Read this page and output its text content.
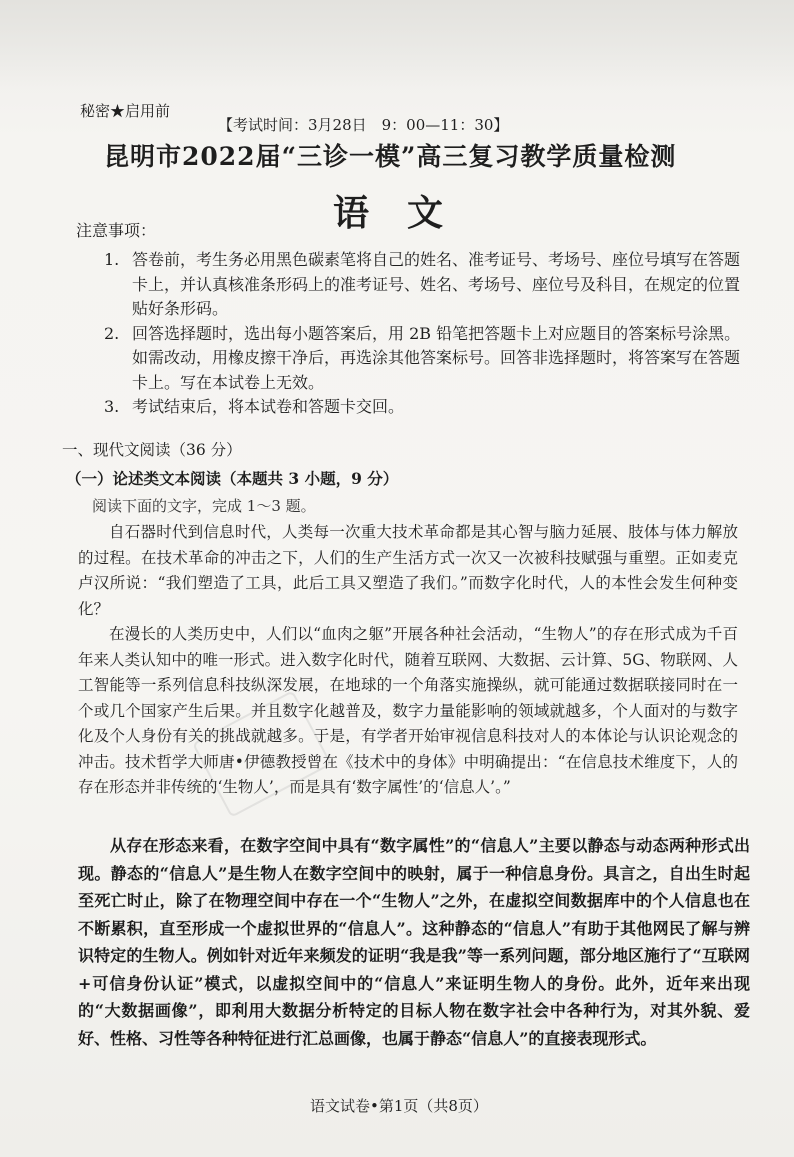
秘密★启用前
【考试时间：3月28日　9：00—11：30】
昆明市2022届“三诊一模”高三复习教学质量检测
语文
注意事项：

1. 答卷前，考生务必用黑色碳素笔将自己的姓名、准考证号、考场号、座位号填写在答题卡上，并认真核准条形码上的准考证号、姓名、考场号、座位号及科目，在规定的位置贴好条形码。

2. 回答选择题时，选出每小题答案后，用 2B 铅笔把答题卡上对应题目的答案标号涂黑。如需改动，用橡皮擦干净后，再选涂其他答案标号。回答非选择题时，将答案写在答题卡上。写在本试卷上无效。

3. 考试结束后，将本试卷和答题卡交回。

一、现代文阅读（36 分）
（一）论述类文本阅读（本题共 3 小题，9 分）
阅读下面的文字，完成 1～3 题。

自石器时代到信息时代，人类每一次重大技术革命都是其心智与脑力延展、肢体与体力解放的过程。在技术革命的冲击之下，人们的生产生活方式一次又一次被科技赋强与重塑。正如麦克卢汉所说：“我们塑造了工具，此后工具又塑造了我们。”而数字化时代，人的本性会发生何种变化？

在漫长的人类历史中，人们以“血肉之躯”开展各种社会活动，“生物人”的存在形式成为千百年来人类认知中的唯一形式。进入数字化时代，随着互联网、大数据、云计算、5G、物联网、人工智能等一系列信息科技纵深发展，在地球的一个角落实施操纵，就可能通过数据联接同时在一个或几个国家产生后果。并且数字化越普及，数字力量能影响的领域就越多，个人面对的与数字化及个人身份有关的挑战就越多。于是，有学者开始审视信息科技对人的本体论与认识论观念的冲击。技术哲学大师唐•伊德教授曾在《技术中的身体》中明确提出：“在信息技术维度下，人的存在形态并非传统的‘生物人’，而是具有‘数字属性’的‘信息人’。”

从存在形态来看，在数字空间中具有“数字属性”的“信息人”主要以静态与动态两种形式出现。静态的“信息人”是生物人在数字空间中的映射，属于一种信息身份。具言之，自出生时起至死亡时止，除了在物理空间中存在一个“生物人”之外，在虚拟空间数据库中的个人信息也在不断累积，直至形成一个虚拟世界的“信息人”。这种静态的“信息人”有助于其他网民了解与辨识特定的生物人。例如针对近年来频发的证明“我是我”等一系列问题，部分地区施行了“互联网+可信身份认证”模式，以虚拟空间中的“信息人”来证明生物人的身份。此外，近年来出现的“大数据画像”，即利用大数据分析特定的目标人物在数字社会中各种行为，对其外貌、爱好、性格、习性等各种特征进行汇总画像，也属于静态“信息人”的直接表现形式。

语文试卷•第1页（共8页）
